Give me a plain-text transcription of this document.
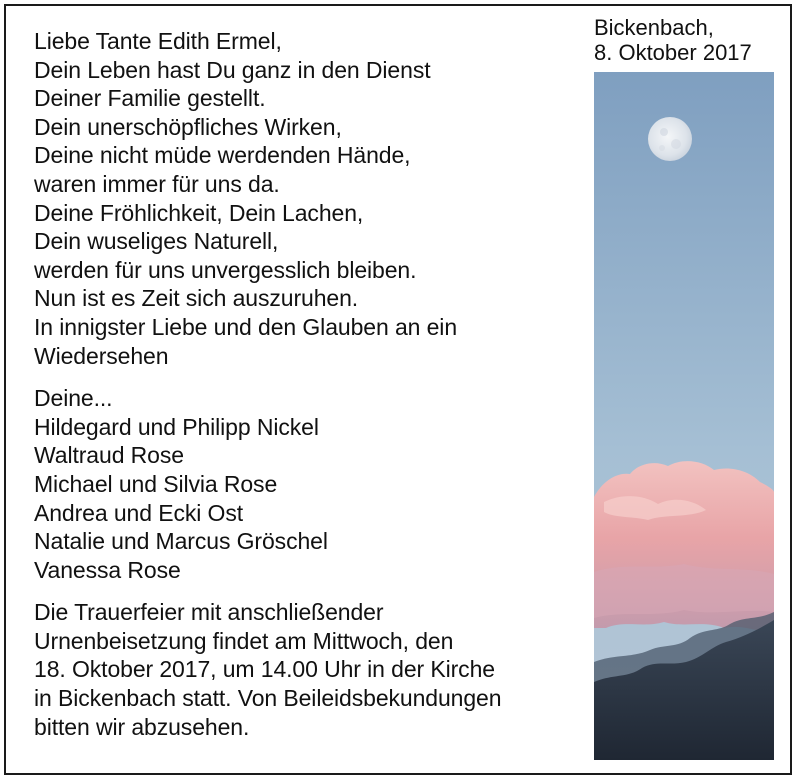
Liebe Tante Edith Ermel,
Dein Leben hast Du ganz in den Dienst
Deiner Familie gestellt.
Dein unerschöpfliches Wirken,
Deine nicht müde werdenden Hände,
waren immer für uns da.
Deine Fröhlichkeit, Dein Lachen,
Dein wuseliges Naturell,
werden für uns unvergesslich bleiben.
Nun ist es Zeit sich auszuruhen.
In innigster Liebe und den Glauben an ein
Wiedersehen
Deine...
Hildegard und Philipp Nickel
Waltraud Rose
Michael und Silvia Rose
Andrea und Ecki Ost
Natalie und Marcus Gröschel
Vanessa Rose
Die Trauerfeier mit anschließender
Urnenbeisetzung findet am Mittwoch, den
18. Oktober 2017, um 14.00 Uhr in der Kirche
in Bickenbach statt. Von Beileidsbekundungen
bitten wir abzusehen.
Bickenbach,
8. Oktober 2017
